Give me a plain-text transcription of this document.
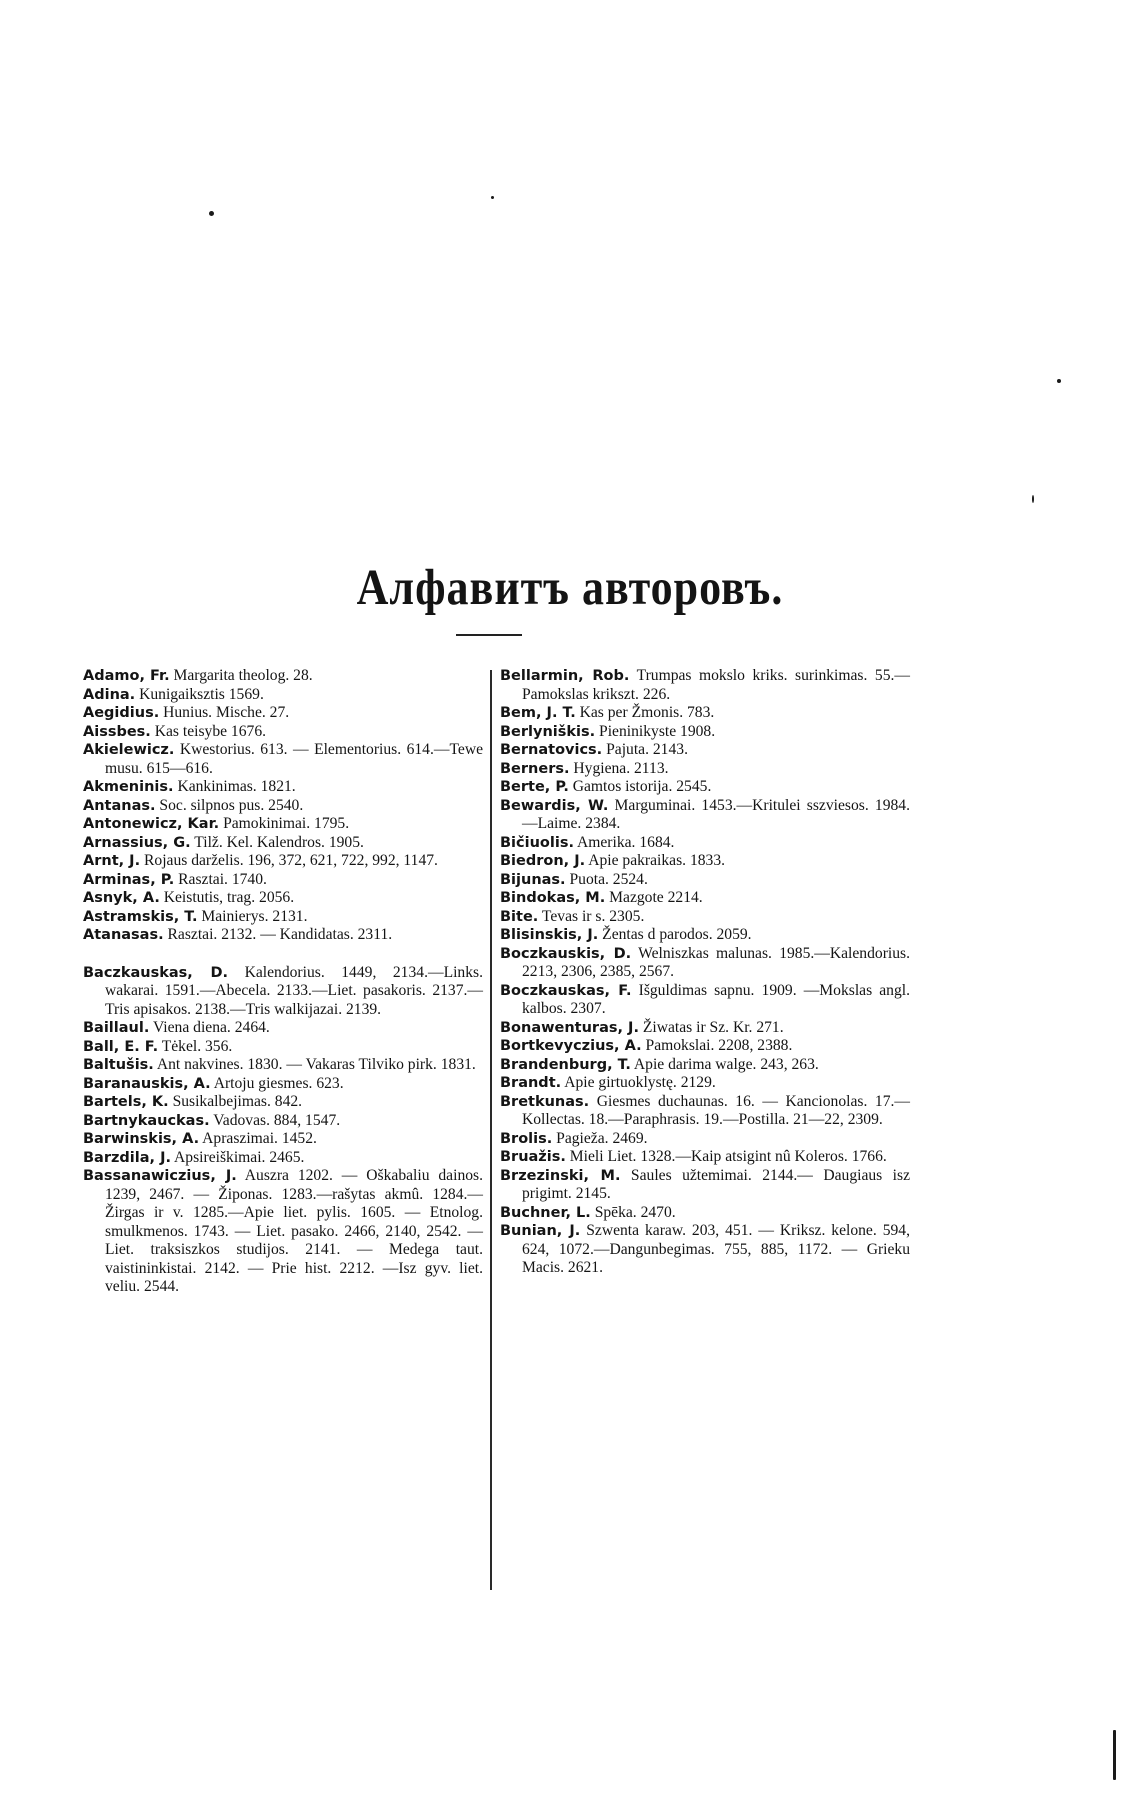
Алфавитъ авторовъ.

Adamo, Fr. Margarita theolog. 28.

Adina. Kunigaiksztis 1569.

Aegidius. Hunius. Mische. 27.

Aissbes. Kas teisybe 1676.

Akielewicz. Kwestorius. 613. — Elementorius. 614.—Tewe musu. 615—616.

Akmeninis. Kankinimas. 1821.

Antanas. Soc. silpnos pus. 2540.

Antonewicz, Kar. Pamokinimai. 1795.

Arnassius, G. Tilž. Kel. Kalendros. 1905.

Arnt, J. Rojaus darželis. 196, 372, 621, 722, 992, 1147.

Arminas, P. Rasztai. 1740.

Asnyk, A. Keistutis, trag. 2056.

Astramskis, T. Mainierys. 2131.

Atanasas. Rasztai. 2132. — Kandidatas. 2311.

Baczkauskas, D. Kalendorius. 1449, 2134.—Links. wakarai. 1591.—Abecela. 2133.—Liet. pasakoris. 2137.—Tris apisakos. 2138.—Tris walkijazai. 2139.

Baillaul. Viena diena. 2464.

Ball, E. F. Tėkel. 356.

Baltušis. Ant nakvines. 1830. — Vakaras Tilviko pirk. 1831.

Baranauskis, A. Artoju giesmes. 623.

Bartels, K. Susikalbejimas. 842.

Bartnykauckas. Vadovas. 884, 1547.

Barwinskis, A. Apraszimai. 1452.

Barzdila, J. Apsireiškimai. 2465.

Bassanawiczius, J. Auszra 1202. — Oškabaliu dainos. 1239, 2467. — Žiponas. 1283.—rašytas akmû. 1284.—Žirgas ir v. 1285.—Apie liet. pylis. 1605. — Etnolog. smulkmenos. 1743. — Liet. pasako. 2466, 2140, 2542. — Liet. traksiszkos studijos. 2141. — Medega taut. vaistininkistai. 2142. — Prie hist. 2212. —Isz gyv. liet. veliu. 2544.

Bellarmin, Rob. Trumpas mokslo kriks. surinkimas. 55.—Pamokslas krikszt. 226.

Bem, J. T. Kas per Žmonis. 783.

Berlyniškis. Pieninikyste 1908.

Bernatovics. Pajuta. 2143.

Berners. Hygiena. 2113.

Berte, P. Gamtos istorija. 2545.

Bewardis, W. Marguminai. 1453.—Kritulei sszviesos. 1984.—Laime. 2384.

Bičiuolis. Amerika. 1684.

Biedron, J. Apie pakraikas. 1833.

Bijunas. Puota. 2524.

Bindokas, M. Mazgote 2214.

Bite. Tevas ir s. 2305.

Blisinskis, J. Žentas d parodos. 2059.

Boczkauskis, D. Welniszkas malunas. 1985.—Kalendorius. 2213, 2306, 2385, 2567.

Boczkauskas, F. Išguldimas sapnu. 1909. —Mokslas angl. kalbos. 2307.

Bonawenturas, J. Žiwatas ir Sz. Kr. 271.

Bortkevyczius, A. Pamokslai. 2208, 2388.

Brandenburg, T. Apie darima walge. 243, 263.

Brandt. Apie girtuoklystę. 2129.

Bretkunas. Giesmes duchaunas. 16. — Kancionolas. 17.—Kollectas. 18.—Paraphrasis. 19.—Postilla. 21—22, 2309.

Brolis. Pagieža. 2469.

Bruažis. Mieli Liet. 1328.—Kaip atsigint nû Koleros. 1766.

Brzezinski, M. Saules užtemimai. 2144.— Daugiaus isz prigimt. 2145.

Buchner, L. Spēka. 2470.

Bunian, J. Szwenta karaw. 203, 451. — Kriksz. kelone. 594, 624, 1072.—Dangunbegimas. 755, 885, 1172. — Grieku Macis. 2621.
